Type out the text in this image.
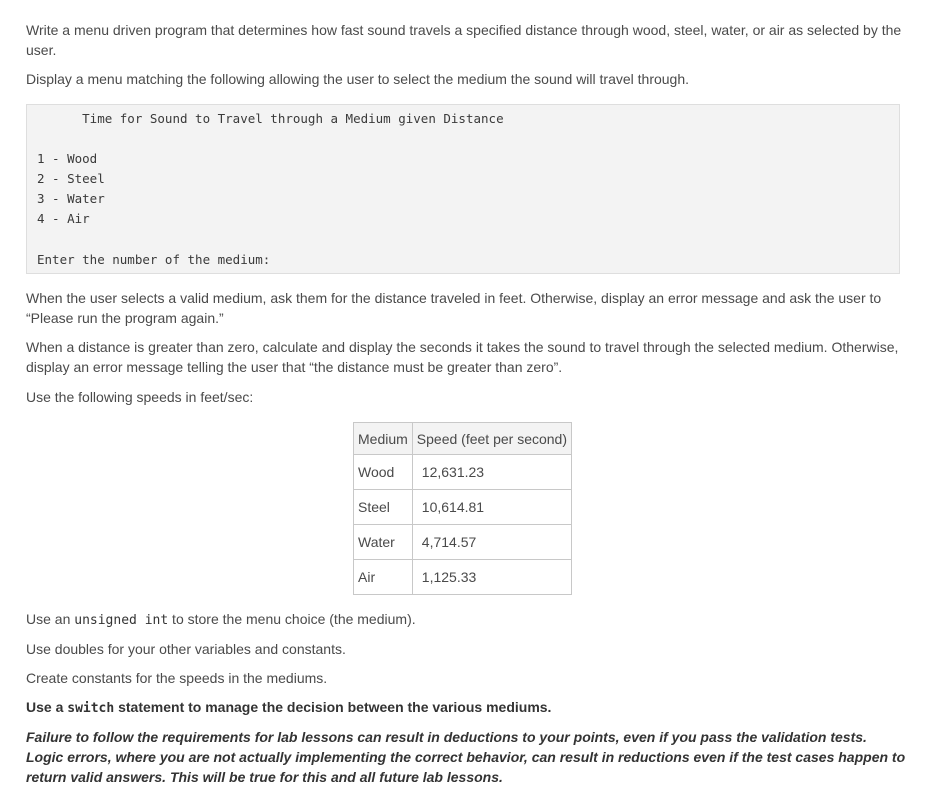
Write a menu driven program that determines how fast sound travels a specified distance through wood, steel, water, or air as selected by the user.

Display a menu matching the following allowing the user to select the medium the sound will travel through.

Time for Sound to Travel through a Medium given Distance
1 - Wood
2 - Steel
3 - Water
4 - Air
Enter the number of the medium:

When the user selects a valid medium, ask them for the distance traveled in feet. Otherwise, display an error message and ask the user to “Please run the program again.”

When a distance is greater than zero, calculate and display the seconds it takes the sound to travel through the selected medium. Otherwise, display an error message telling the user that “the distance must be greater than zero”.

Use the following speeds in feet/sec:

Medium	Speed (feet per second)
Wood	12,631.23
Steel	10,614.81
Water	4,714.57
Air	1,125.33

Use an unsigned int to store the menu choice (the medium).

Use doubles for your other variables and constants.

Create constants for the speeds in the mediums.

Use a switch statement to manage the decision between the various mediums.

Failure to follow the requirements for lab lessons can result in deductions to your points, even if you pass the validation tests. Logic errors, where you are not actually implementing the correct behavior, can result in reductions even if the test cases happen to return valid answers. This will be true for this and all future lab lessons.
